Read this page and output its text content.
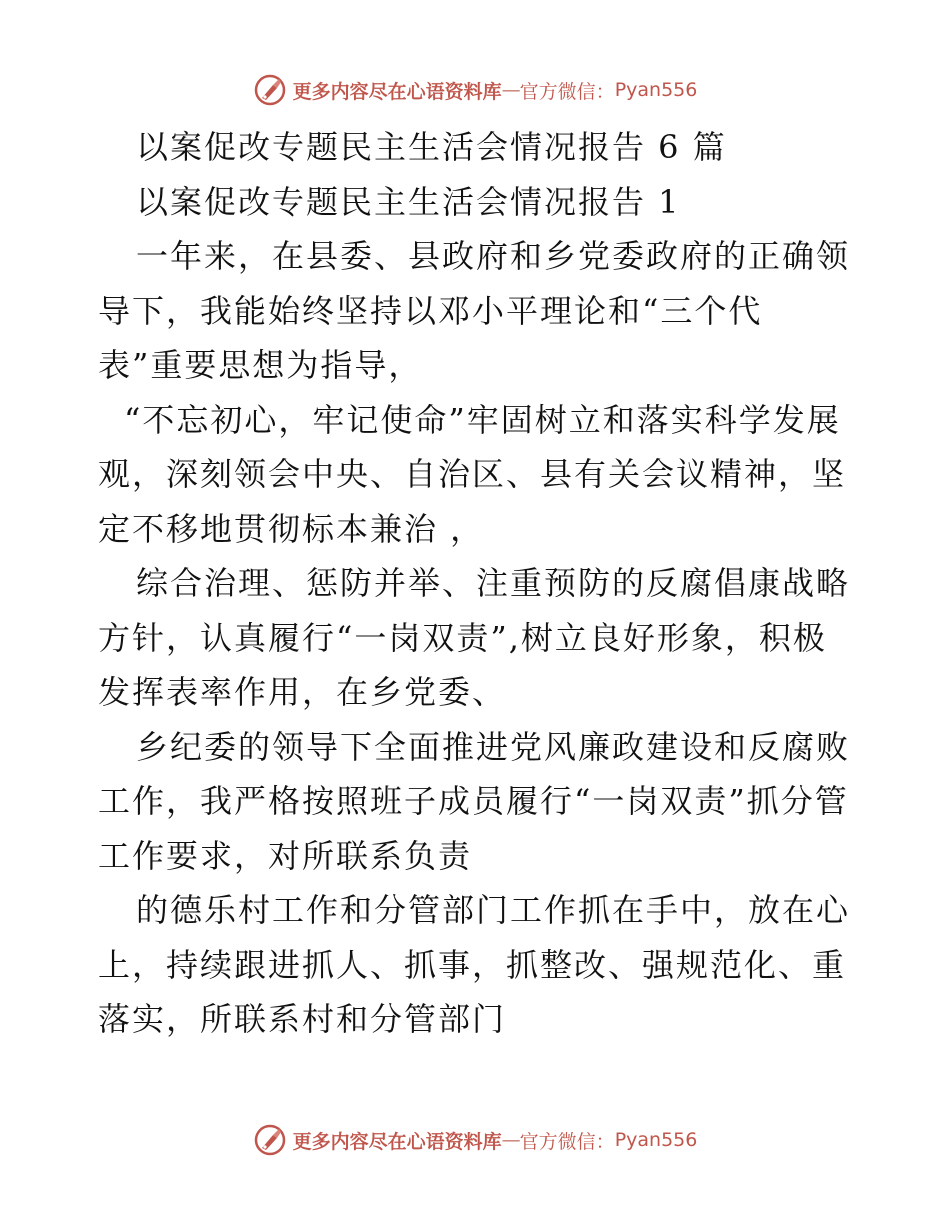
更多内容尽在心语资料库 — 官方微信： Pyan556

以案促改专题民主生活会情况报告 6 篇

以案促改专题民主生活会情况报告 1

一年来，在县委、县政府和乡党委政府的正确领导下，我能始终坚持以邓小平理论和“三个代

表”重要思想为指导，

“不忘初心，牢记使命”牢固树立和落实科学发展观，深刻领会中央、自治区、县有关会议精神，坚定不移地贯彻标本兼治 ，

综合治理、惩防并举、注重预防的反腐倡康战略方针，认真履行“一岗双责”,树立良好形象，积极发挥表率作用，在乡党委、

乡纪委的领导下全面推进党风廉政建设和反腐败工作，我严格按照班子成员履行“一岗双责”抓分管工作要求，对所联系负责

的德乐村工作和分管部门工作抓在手中，放在心上，持续跟进抓人、抓事，抓整改、强规范化、重落实，所联系村和分管部门

更多内容尽在心语资料库 — 官方微信： Pyan556
